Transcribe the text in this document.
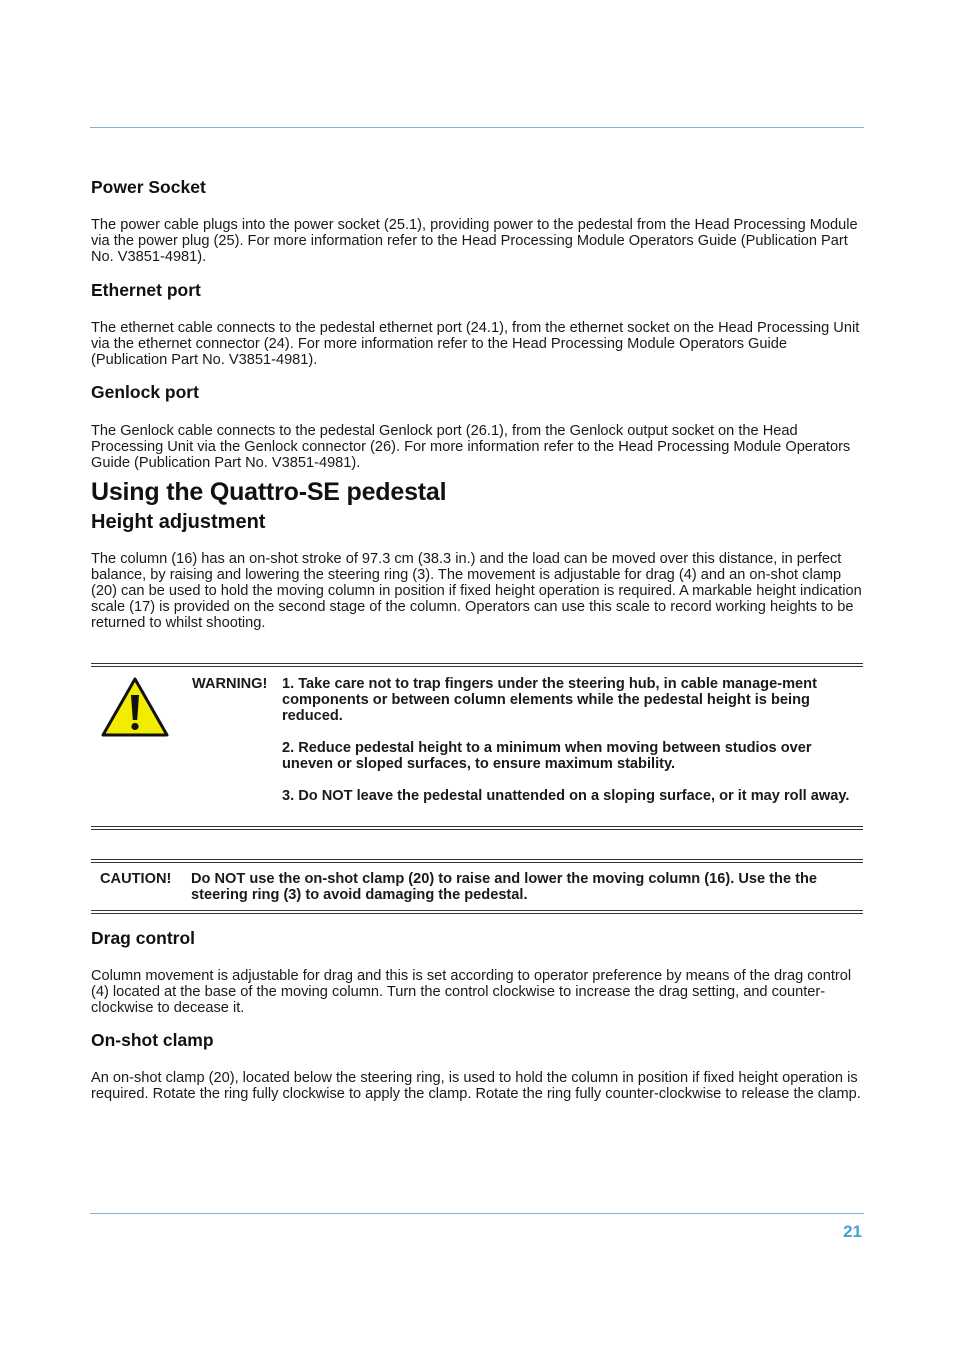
Power Socket

The power cable plugs into the power socket (25.1), providing power to the pedestal from the Head Processing Module via the power plug (25). For more information refer to the Head Processing Module Operators Guide (Publication Part No. V3851-4981).

Ethernet port

The ethernet cable connects to the pedestal ethernet port (24.1), from the ethernet socket on the Head Processing Unit via the ethernet connector (24). For more information refer to the Head Processing Module Operators Guide (Publication Part No. V3851-4981).

Genlock port

The Genlock cable connects to the pedestal Genlock port (26.1), from the Genlock output socket on the Head Processing Unit via the Genlock connector (26). For more information refer to the Head Processing Module Operators Guide (Publication Part No. V3851-4981).

Using the Quattro-SE pedestal
Height adjustment

The column (16) has an on-shot stroke of 97.3 cm (38.3 in.) and the load can be moved over this distance, in perfect balance, by raising and lowering the steering ring (3). The movement is adjustable for drag (4) and an on-shot clamp (20) can be used to hold the moving column in position if fixed height operation is required. A markable height indication scale (17) is provided on the second stage of the column. Operators can use this scale to record working heights to be returned to whilst shooting.

WARNING! 1. Take care not to trap fingers under the steering hub, in cable manage-ment components or between column elements while the pedestal height is being reduced.

2. Reduce pedestal height to a minimum when moving between studios over uneven or sloped surfaces, to ensure maximum stability.

3. Do NOT leave the pedestal unattended on a sloping surface, or it may roll away.

CAUTION! Do NOT use the on-shot clamp (20) to raise and lower the moving column (16). Use the the steering ring (3) to avoid damaging the pedestal.

Drag control

Column movement is adjustable for drag and this is set according to operator preference by means of the drag control (4) located at the base of the moving column. Turn the control clockwise to increase the drag setting, and counter- clockwise to decease it.

On-shot clamp

An on-shot clamp (20), located below the steering ring, is used to hold the column in position if fixed height operation is required. Rotate the ring fully clockwise to apply the clamp. Rotate the ring fully counter-clockwise to release the clamp.

21
